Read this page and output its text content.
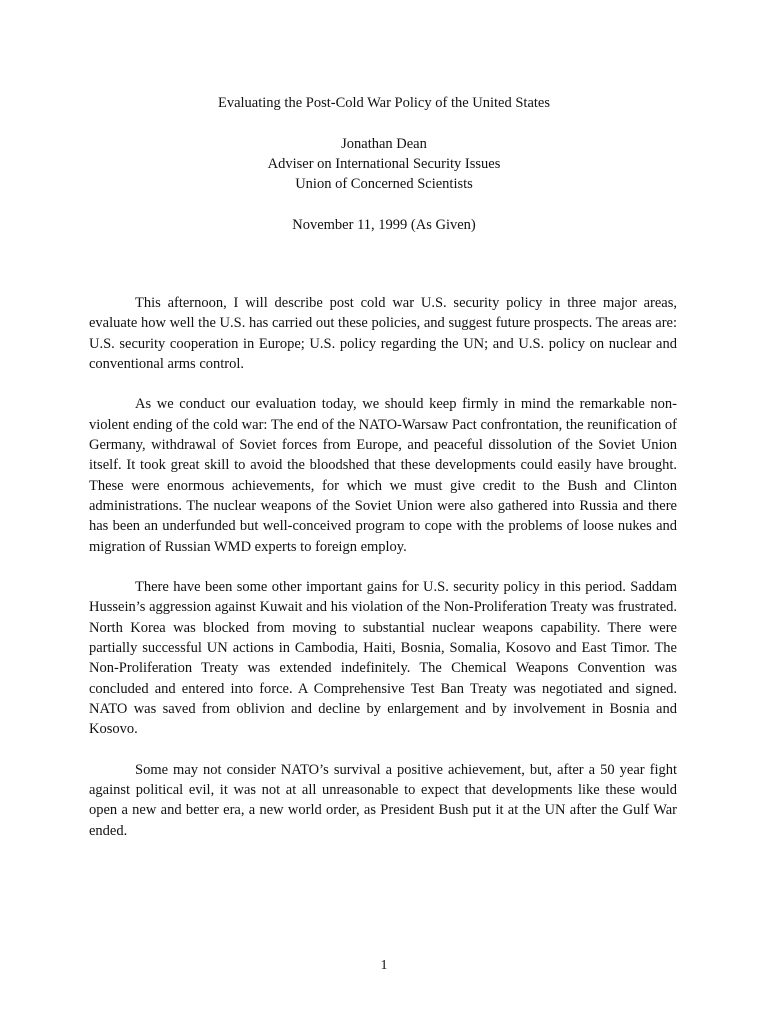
Evaluating the Post-Cold War Policy of the United States
Jonathan Dean
Adviser on International Security Issues
Union of Concerned Scientists
November 11, 1999 (As Given)

This afternoon, I will describe post cold war U.S. security policy in three major areas, evaluate how well the U.S. has carried out these policies, and suggest future prospects. The areas are: U.S. security cooperation in Europe; U.S. policy regarding the UN; and U.S. policy on nuclear and conventional arms control.

As we conduct our evaluation today, we should keep firmly in mind the remarkable non-violent ending of the cold war: The end of the NATO-Warsaw Pact confrontation, the reunification of Germany, withdrawal of Soviet forces from Europe, and peaceful dissolution of the Soviet Union itself. It took great skill to avoid the bloodshed that these developments could easily have brought. These were enormous achievements, for which we must give credit to the Bush and Clinton administrations. The nuclear weapons of the Soviet Union were also gathered into Russia and there has been an underfunded but well-conceived program to cope with the problems of loose nukes and migration of Russian WMD experts to foreign employ.

There have been some other important gains for U.S. security policy in this period. Saddam Hussein’s aggression against Kuwait and his violation of the Non-Proliferation Treaty was frustrated. North Korea was blocked from moving to substantial nuclear weapons capability. There were partially successful UN actions in Cambodia, Haiti, Bosnia, Somalia, Kosovo and East Timor. The Non-Proliferation Treaty was extended indefinitely. The Chemical Weapons Convention was concluded and entered into force. A Comprehensive Test Ban Treaty was negotiated and signed. NATO was saved from oblivion and decline by enlargement and by involvement in Bosnia and Kosovo.

Some may not consider NATO’s survival a positive achievement, but, after a 50 year fight against political evil, it was not at all unreasonable to expect that developments like these would open a new and better era, a new world order, as President Bush put it at the UN after the Gulf War ended.

1
